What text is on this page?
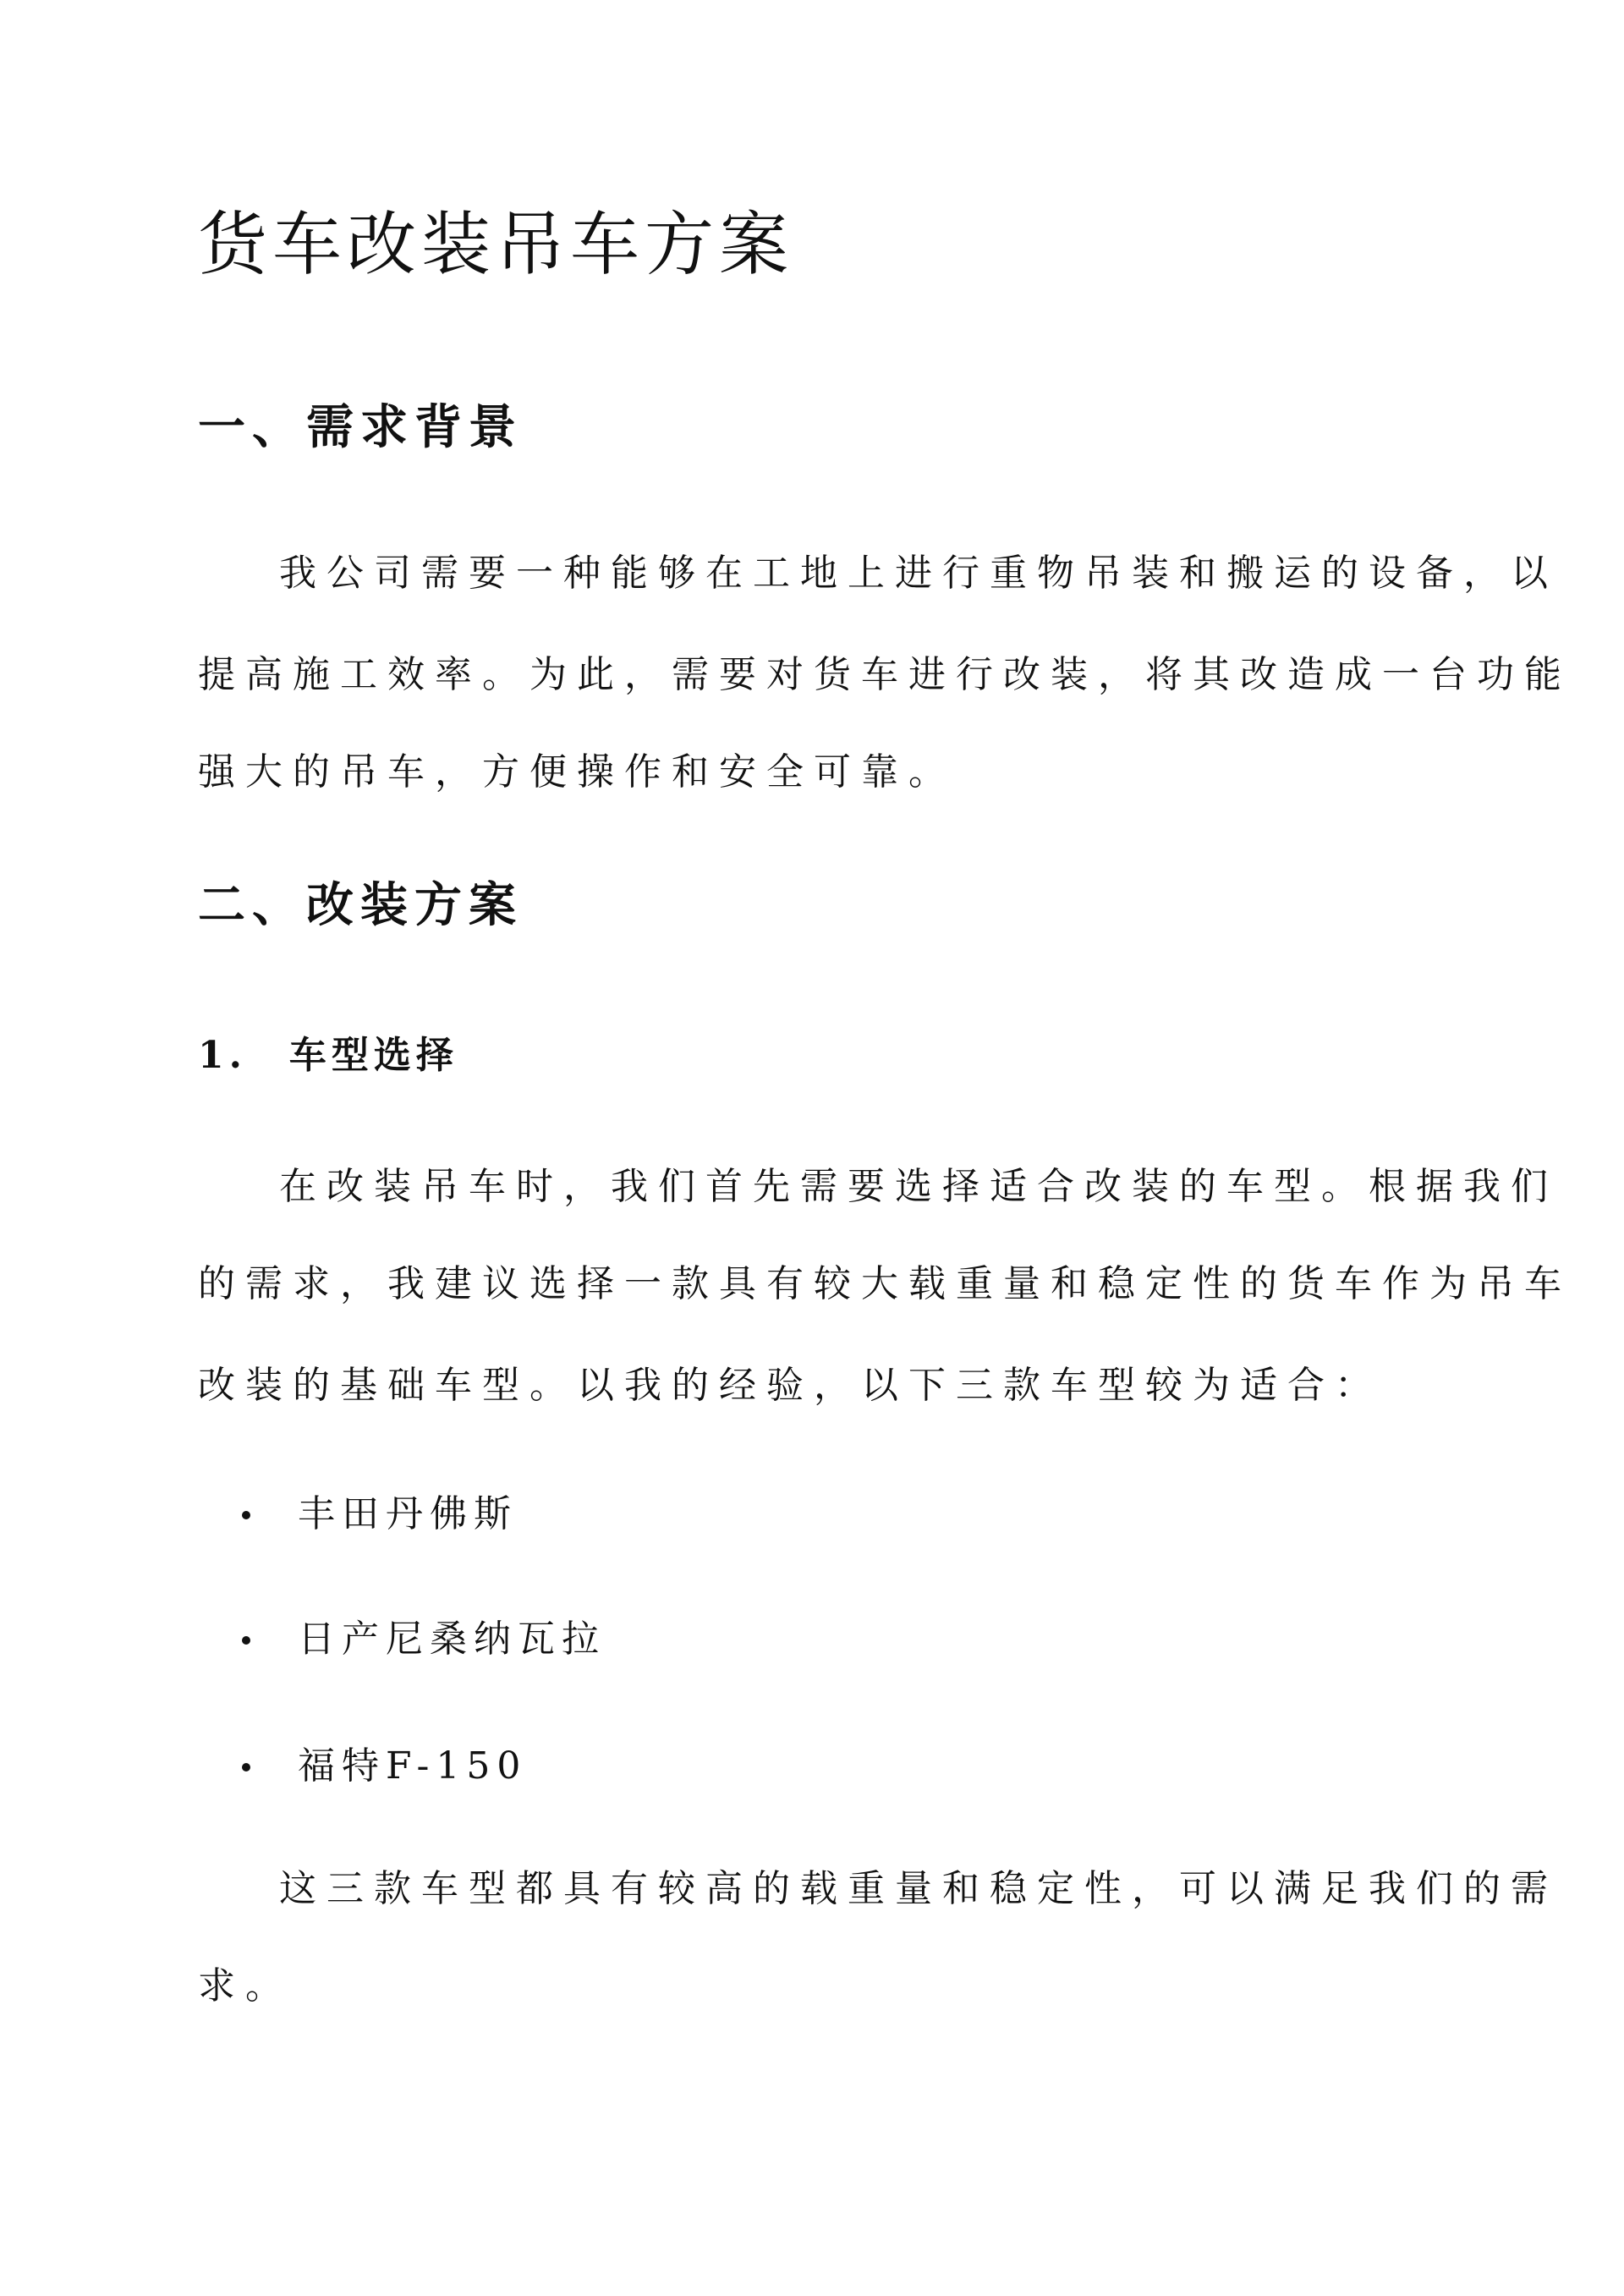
货车改装吊车方案
一、需求背景

我公司需要一种能够在工地上进行重物吊装和搬运的设备，以

提高施工效率。为此，需要对货车进行改装，将其改造成一台功能

强大的吊车，方便操作和安全可靠。

二、改装方案
1.　车型选择

在改装吊车时，我们首先需要选择适合改装的车型。根据我们

的需求，我建议选择一款具有较大载重量和稳定性的货车作为吊车

改装的基础车型。以我的经验，以下三款车型较为适合：

丰田丹佛斯
日产尼桑纳瓦拉
福特F-150

这三款车型都具有较高的载重量和稳定性，可以满足我们的需

求。
